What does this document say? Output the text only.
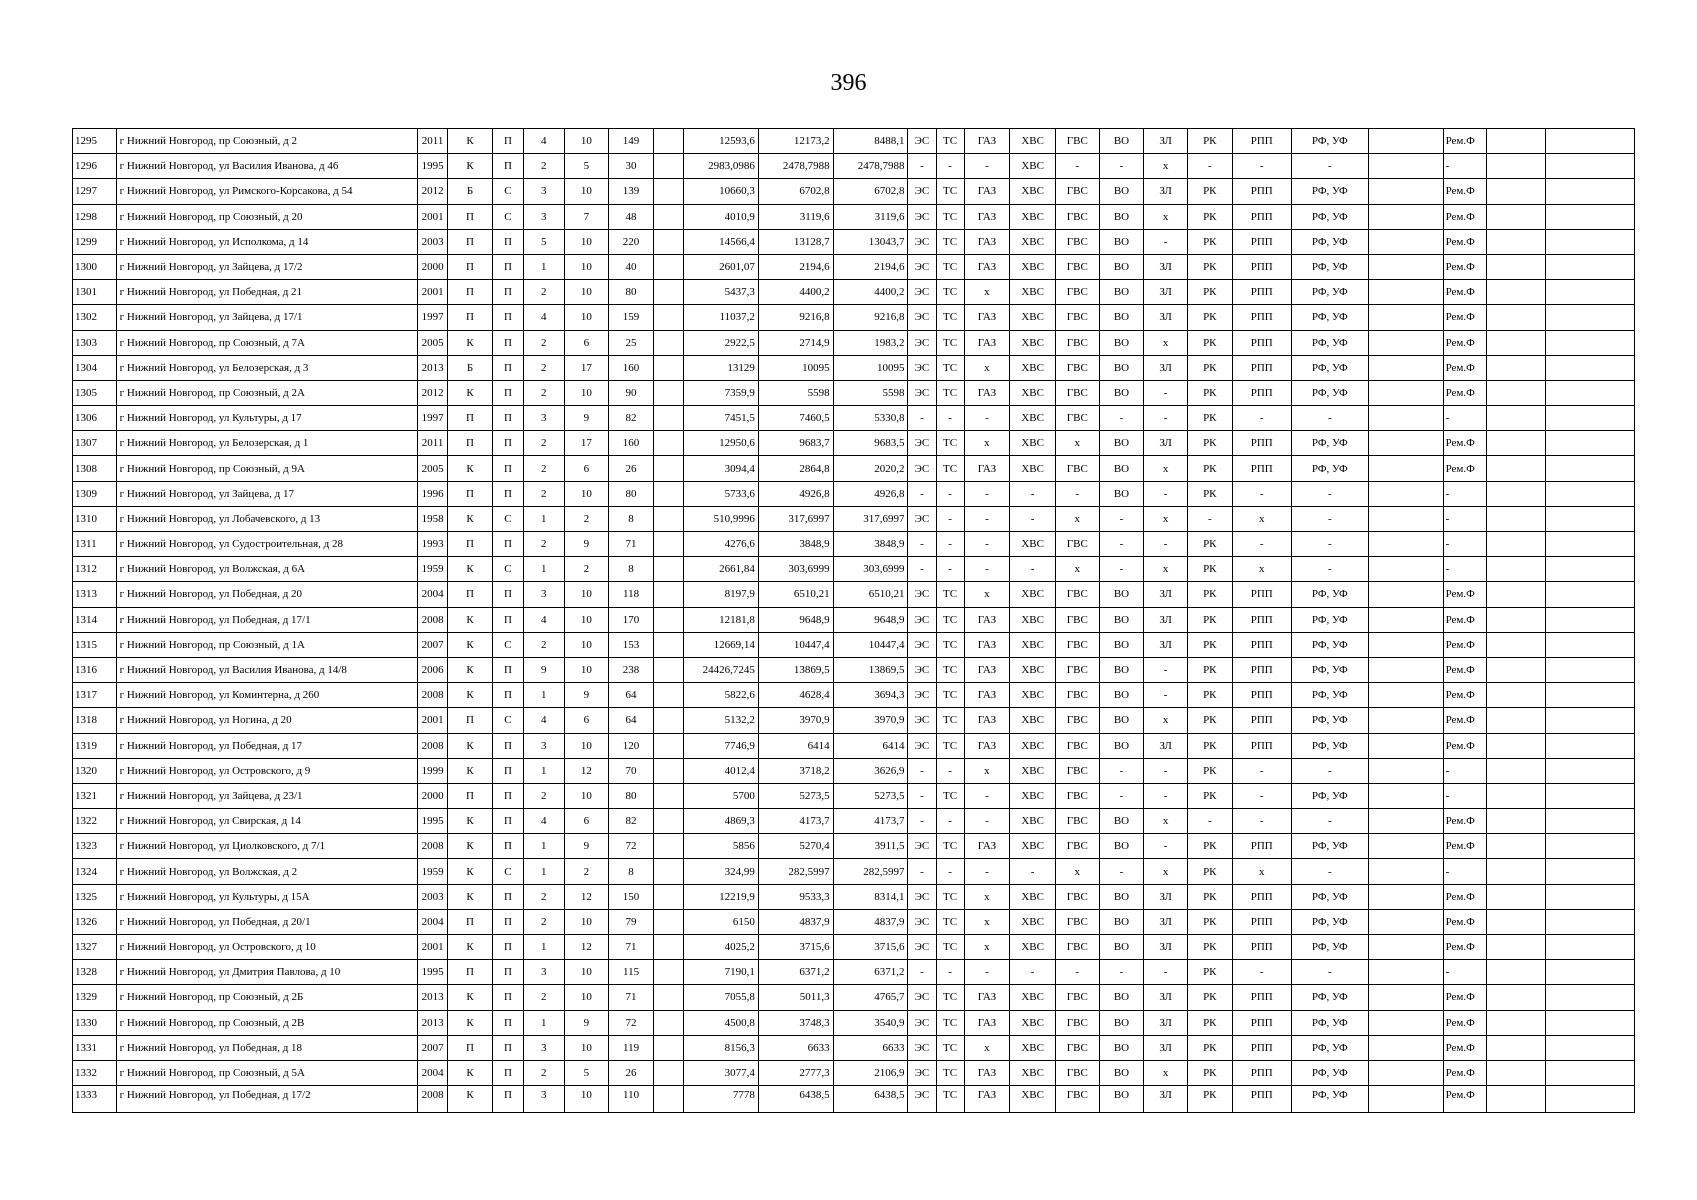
396
1295	г Нижний Новгород, пр Союзный, д 2	2011	К	П	4	10	149		12593,6	12173,2	8488,1	ЭС	ТС	ГАЗ	ХВС	ГВС	ВО	ЗЛ	РК	РПП	РФ, УФ		Рем.Ф		
1296	г Нижний Новгород, ул Василия Иванова, д 46	1995	К	П	2	5	30		2983,0986	2478,7988	2478,7988	-	-	-	ХВС	-	-	х	-	-	-		-		
1297	г Нижний Новгород, ул Римского-Корсакова, д 54	2012	Б	С	3	10	139		10660,3	6702,8	6702,8	ЭС	ТС	ГАЗ	ХВС	ГВС	ВО	ЗЛ	РК	РПП	РФ, УФ		Рем.Ф		
1298	г Нижний Новгород, пр Союзный, д 20	2001	П	С	3	7	48		4010,9	3119,6	3119,6	ЭС	ТС	ГАЗ	ХВС	ГВС	ВО	х	РК	РПП	РФ, УФ		Рем.Ф		
1299	г Нижний Новгород, ул Исполкома, д 14	2003	П	П	5	10	220		14566,4	13128,7	13043,7	ЭС	ТС	ГАЗ	ХВС	ГВС	ВО	-	РК	РПП	РФ, УФ		Рем.Ф		
1300	г Нижний Новгород, ул Зайцева, д 17/2	2000	П	П	1	10	40		2601,07	2194,6	2194,6	ЭС	ТС	ГАЗ	ХВС	ГВС	ВО	ЗЛ	РК	РПП	РФ, УФ		Рем.Ф		
1301	г Нижний Новгород, ул Победная, д 21	2001	П	П	2	10	80		5437,3	4400,2	4400,2	ЭС	ТС	х	ХВС	ГВС	ВО	ЗЛ	РК	РПП	РФ, УФ		Рем.Ф		
1302	г Нижний Новгород, ул Зайцева, д 17/1	1997	П	П	4	10	159		11037,2	9216,8	9216,8	ЭС	ТС	ГАЗ	ХВС	ГВС	ВО	ЗЛ	РК	РПП	РФ, УФ		Рем.Ф		
1303	г Нижний Новгород, пр Союзный, д 7А	2005	К	П	2	6	25		2922,5	2714,9	1983,2	ЭС	ТС	ГАЗ	ХВС	ГВС	ВО	х	РК	РПП	РФ, УФ		Рем.Ф		
1304	г Нижний Новгород, ул Белозерская, д 3	2013	Б	П	2	17	160		13129	10095	10095	ЭС	ТС	х	ХВС	ГВС	ВО	ЗЛ	РК	РПП	РФ, УФ		Рем.Ф		
1305	г Нижний Новгород, пр Союзный, д 2А	2012	К	П	2	10	90		7359,9	5598	5598	ЭС	ТС	ГАЗ	ХВС	ГВС	ВО	-	РК	РПП	РФ, УФ		Рем.Ф		
1306	г Нижний Новгород, ул Культуры, д 17	1997	П	П	3	9	82		7451,5	7460,5	5330,8	-	-	-	ХВС	ГВС	-	-	РК	-	-		-		
1307	г Нижний Новгород, ул Белозерская, д 1	2011	П	П	2	17	160		12950,6	9683,7	9683,5	ЭС	ТС	х	ХВС	х	ВО	ЗЛ	РК	РПП	РФ, УФ		Рем.Ф		
1308	г Нижний Новгород, пр Союзный, д 9А	2005	К	П	2	6	26		3094,4	2864,8	2020,2	ЭС	ТС	ГАЗ	ХВС	ГВС	ВО	х	РК	РПП	РФ, УФ		Рем.Ф		
1309	г Нижний Новгород, ул Зайцева, д 17	1996	П	П	2	10	80		5733,6	4926,8	4926,8	-	-	-	-	-	ВО	-	РК	-	-		-		
1310	г Нижний Новгород, ул Лобачевского, д 13	1958	К	С	1	2	8		510,9996	317,6997	317,6997	ЭС	-	-	-	х	-	х	-	х	-		-		
1311	г Нижний Новгород, ул Судостроительная, д 28	1993	П	П	2	9	71		4276,6	3848,9	3848,9	-	-	-	ХВС	ГВС	-	-	РК	-	-		-		
1312	г Нижний Новгород, ул Волжская, д 6А	1959	К	С	1	2	8		2661,84	303,6999	303,6999	-	-	-	-	х	-	х	РК	х	-		-		
1313	г Нижний Новгород, ул Победная, д 20	2004	П	П	3	10	118		8197,9	6510,21	6510,21	ЭС	ТС	х	ХВС	ГВС	ВО	ЗЛ	РК	РПП	РФ, УФ		Рем.Ф		
1314	г Нижний Новгород, ул Победная, д 17/1	2008	К	П	4	10	170		12181,8	9648,9	9648,9	ЭС	ТС	ГАЗ	ХВС	ГВС	ВО	ЗЛ	РК	РПП	РФ, УФ		Рем.Ф		
1315	г Нижний Новгород, пр Союзный, д 1А	2007	К	С	2	10	153		12669,14	10447,4	10447,4	ЭС	ТС	ГАЗ	ХВС	ГВС	ВО	ЗЛ	РК	РПП	РФ, УФ		Рем.Ф		
1316	г Нижний Новгород, ул Василия Иванова, д 14/8	2006	К	П	9	10	238		24426,7245	13869,5	13869,5	ЭС	ТС	ГАЗ	ХВС	ГВС	ВО	-	РК	РПП	РФ, УФ		Рем.Ф		
1317	г Нижний Новгород, ул Коминтерна, д 260	2008	К	П	1	9	64		5822,6	4628,4	3694,3	ЭС	ТС	ГАЗ	ХВС	ГВС	ВО	-	РК	РПП	РФ, УФ		Рем.Ф		
1318	г Нижний Новгород, ул Ногина, д 20	2001	П	С	4	6	64		5132,2	3970,9	3970,9	ЭС	ТС	ГАЗ	ХВС	ГВС	ВО	х	РК	РПП	РФ, УФ		Рем.Ф		
1319	г Нижний Новгород, ул Победная, д 17	2008	К	П	3	10	120		7746,9	6414	6414	ЭС	ТС	ГАЗ	ХВС	ГВС	ВО	ЗЛ	РК	РПП	РФ, УФ		Рем.Ф		
1320	г Нижний Новгород, ул Островского, д 9	1999	К	П	1	12	70		4012,4	3718,2	3626,9	-	-	х	ХВС	ГВС	-	-	РК	-	-		-		
1321	г Нижний Новгород, ул Зайцева, д 23/1	2000	П	П	2	10	80		5700	5273,5	5273,5	-	ТС	-	ХВС	ГВС	-	-	РК	-	РФ, УФ		-		
1322	г Нижний Новгород, ул Свирская, д 14	1995	К	П	4	6	82		4869,3	4173,7	4173,7	-	-	-	ХВС	ГВС	ВО	х	-	-	-		Рем.Ф		
1323	г Нижний Новгород, ул Циолковского, д 7/1	2008	К	П	1	9	72		5856	5270,4	3911,5	ЭС	ТС	ГАЗ	ХВС	ГВС	ВО	-	РК	РПП	РФ, УФ		Рем.Ф		
1324	г Нижний Новгород, ул Волжская, д 2	1959	К	С	1	2	8		324,99	282,5997	282,5997	-	-	-	-	х	-	х	РК	х	-		-		
1325	г Нижний Новгород, ул Культуры, д 15А	2003	К	П	2	12	150		12219,9	9533,3	8314,1	ЭС	ТС	х	ХВС	ГВС	ВО	ЗЛ	РК	РПП	РФ, УФ		Рем.Ф		
1326	г Нижний Новгород, ул Победная, д 20/1	2004	П	П	2	10	79		6150	4837,9	4837,9	ЭС	ТС	х	ХВС	ГВС	ВО	ЗЛ	РК	РПП	РФ, УФ		Рем.Ф		
1327	г Нижний Новгород, ул Островского, д 10	2001	К	П	1	12	71		4025,2	3715,6	3715,6	ЭС	ТС	х	ХВС	ГВС	ВО	ЗЛ	РК	РПП	РФ, УФ		Рем.Ф		
1328	г Нижний Новгород, ул Дмитрия Павлова, д 10	1995	П	П	3	10	115		7190,1	6371,2	6371,2	-	-	-	-	-	-	-	РК	-	-		-		
1329	г Нижний Новгород, пр Союзный, д 2Б	2013	К	П	2	10	71		7055,8	5011,3	4765,7	ЭС	ТС	ГАЗ	ХВС	ГВС	ВО	ЗЛ	РК	РПП	РФ, УФ		Рем.Ф		
1330	г Нижний Новгород, пр Союзный, д 2В	2013	К	П	1	9	72		4500,8	3748,3	3540,9	ЭС	ТС	ГАЗ	ХВС	ГВС	ВО	ЗЛ	РК	РПП	РФ, УФ		Рем.Ф		
1331	г Нижний Новгород, ул Победная, д 18	2007	П	П	3	10	119		8156,3	6633	6633	ЭС	ТС	х	ХВС	ГВС	ВО	ЗЛ	РК	РПП	РФ, УФ		Рем.Ф		
1332	г Нижний Новгород, пр Союзный, д 5А	2004	К	П	2	5	26		3077,4	2777,3	2106,9	ЭС	ТС	ГАЗ	ХВС	ГВС	ВО	х	РК	РПП	РФ, УФ		Рем.Ф		
1333	г Нижний Новгород, ул Победная, д 17/2	2008	К	П	3	10	110		7778	6438,5	6438,5	ЭС	ТС	ГАЗ	ХВС	ГВС	ВО	ЗЛ	РК	РПП	РФ, УФ		Рем.Ф		
